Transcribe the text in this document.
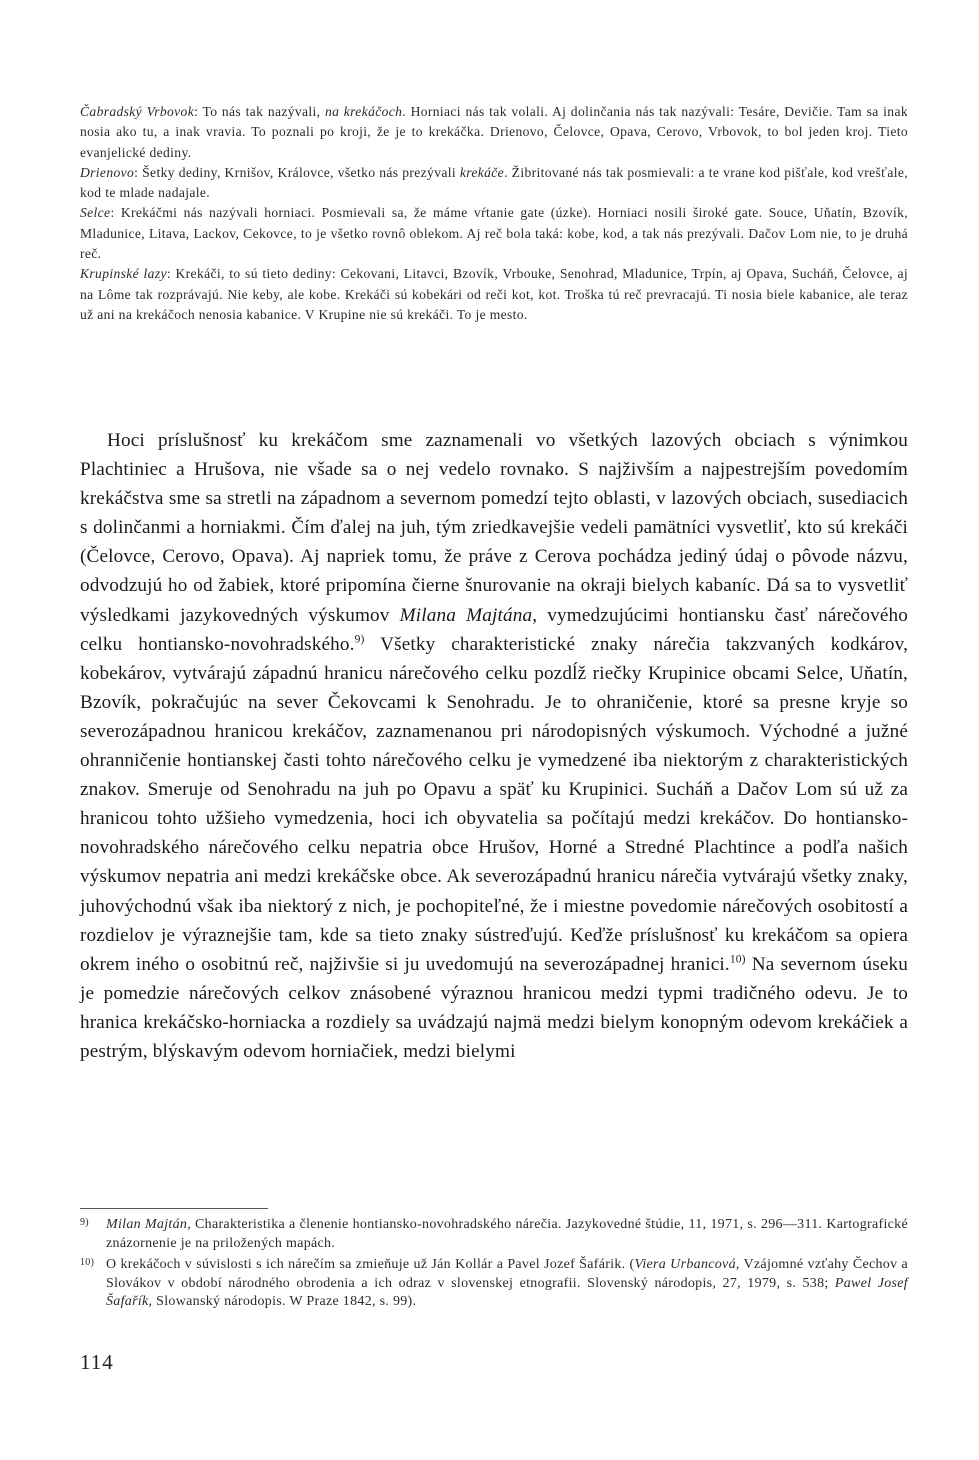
Čabradský Vrbovok: To nás tak nazývali, na krekáčoch. Horniaci nás tak volali. Aj dolinčania nás tak nazývali: Tesáre, Devičie. Tam sa inak nosia ako tu, a inak vravia. To poznali po kroji, že je to krekáčka. Drienovo, Čelovce, Opava, Cerovo, Vrbovok, to bol jeden kroj. Tieto evanjelické dediny.

Drienovo: Šetky dediny, Krnišov, Královce, všetko nás prezývali krekáče. Žibritované nás tak posmievali: a te vrane kod pišťale, kod vrešťale, kod te mlade nadajale.

Selce: Krekáčmi nás nazývali horniaci. Posmievali sa, že máme vŕtanie gate (úzke). Horniaci nosili široké gate. Souce, Uňatín, Bzovík, Mladunice, Litava, Lackov, Cekovce, to je všetko rovnô oblekom. Aj reč bola taká: kobe, kod, a tak nás prezývali. Dačov Lom nie, to je druhá reč.

Krupinské lazy: Krekáči, to sú tieto dediny: Cekovani, Litavci, Bzovík, Vrbouke, Senohrad, Mladunice, Trpín, aj Opava, Sucháň, Čelovce, aj na Lôme tak rozprávajú. Nie keby, ale kobe. Krekáči sú kobekári od reči kot, kot. Troška tú reč prevracajú. Ti nosia biele kabanice, ale teraz už ani na krekáčoch nenosia kabanice. V Krupine nie sú krekáči. To je mesto.

Hoci príslušnosť ku krekáčom sme zaznamenali vo všetkých lazových obciach s výnimkou Plachtiniec a Hrušova, nie všade sa o nej vedelo rovnako. S najživším a najpestrejším povedomím krekáčstva sme sa stretli na západnom a severnom pomedzí tejto oblasti, v lazových obciach, susediacich s dolinčanmi a horniakmi. Čím ďalej na juh, tým zriedkavejšie vedeli pamätníci vysvetliť, kto sú krekáči (Čelovce, Cerovo, Opava). Aj napriek tomu, že práve z Cerova pochádza jediný údaj o pôvode názvu, odvodzujú ho od žabiek, ktoré pripomína čierne šnurovanie na okraji bielych kabaníc. Dá sa to vysvetliť výsledkami jazykovedných výskumov Milana Majtána, vymedzujúcimi hontiansku časť nárečového celku hontiansko-novohradského.$^{9)}$ Všetky charakteristické znaky nárečia takzvaných kodkárov, kobekárov, vytvárajú západnú hranicu nárečového celku pozdĺž riečky Krupinice obcami Selce, Uňatín, Bzovík, pokračujúc na sever Čekovcami k Senohradu. Je to ohraničenie, ktoré sa presne kryje so severozápadnou hranicou krekáčov, zaznamenanou pri národopisných výskumoch. Východné a južné ohranničenie hontianskej časti tohto nárečového celku je vymedzené iba niektorým z charakteristických znakov. Smeruje od Senohradu na juh po Opavu a späť ku Krupinici. Sucháň a Dačov Lom sú už za hranicou tohto užšieho vymedzenia, hoci ich obyvatelia sa počítajú medzi krekáčov. Do hontiansko-novohradského nárečového celku nepatria obce Hrušov, Horné a Stredné Plachtince a podľa našich výskumov nepatria ani medzi krekáčske obce. Ak severozápadnú hranicu nárečia vytvárajú všetky znaky, juhovýchodnú však iba niektorý z nich, je pochopiteľné, že i miestne povedomie nárečových osobitostí a rozdielov je výraznejšie tam, kde sa tieto znaky sústreďujú. Keďže príslušnosť ku krekáčom sa opiera okrem iného o osobitnú reč, najživšie si ju uvedomujú na severozápadnej hranici.$^{10)}$ Na severnom úseku je pomedzie nárečových celkov znásobené výraznou hranicou medzi typmi tradičného odevu. Je to hranica krekáčsko-horniacka a rozdiely sa uvádzajú najmä medzi bielym konopným odevom krekáčiek a pestrým, blýskavým odevom horniačiek, medzi bielymi

9)	Milan Majtán, Charakteristika a členenie hontiansko-novohradského nárečia. Jazykovedné štúdie, 11, 1971, s. 296—311. Kartografické znázornenie je na priložených mapách.
10) O krekáčoch v súvislosti s ich nárečím sa zmieňuje už Ján Kollár a Pavel Jozef Šafárik. (Viera Urbancová, Vzájomné vzťahy Čechov a Slovákov v období národného obrodenia a ich odraz v slovenskej etnografii. Slovenský národopis, 27, 1979, s. 538; Pawel Josef Šafařík, Slowanský národopis. W Praze 1842, s. 99).
114
